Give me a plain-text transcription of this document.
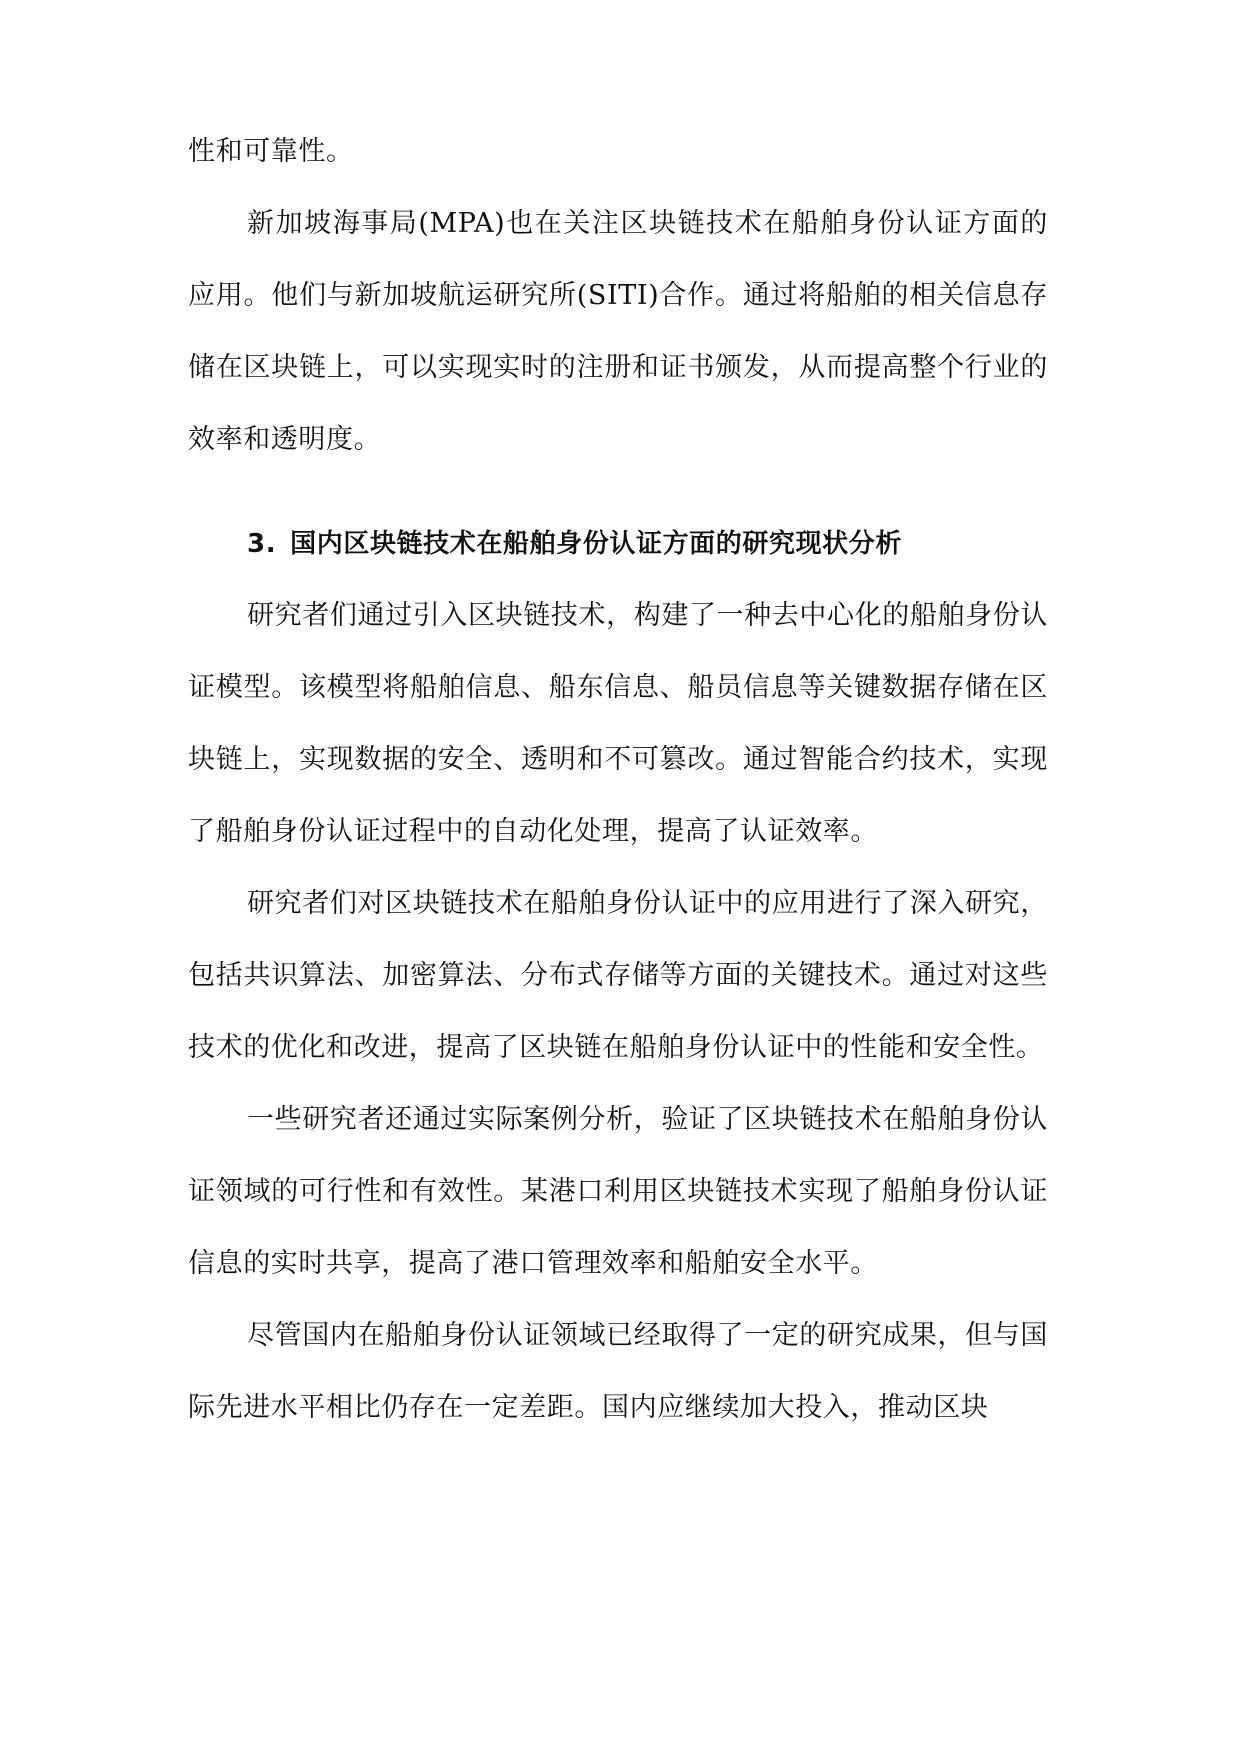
性和可靠性。

新加坡海事局(MPA)也在关注区块链技术在船舶身份认证方面的应用。他们与新加坡航运研究所(SITI)合作。通过将船舶的相关信息存储在区块链上，可以实现实时的注册和证书颁发，从而提高整个行业的效率和透明度。

3. 国内区块链技术在船舶身份认证方面的研究现状分析

研究者们通过引入区块链技术，构建了一种去中心化的船舶身份认证模型。该模型将船舶信息、船东信息、船员信息等关键数据存储在区块链上，实现数据的安全、透明和不可篡改。通过智能合约技术，实现了船舶身份认证过程中的自动化处理，提高了认证效率。

研究者们对区块链技术在船舶身份认证中的应用进行了深入研究，包括共识算法、加密算法、分布式存储等方面的关键技术。通过对这些技术的优化和改进，提高了区块链在船舶身份认证中的性能和安全性。

一些研究者还通过实际案例分析，验证了区块链技术在船舶身份认证领域的可行性和有效性。某港口利用区块链技术实现了船舶身份认证信息的实时共享，提高了港口管理效率和船舶安全水平。

尽管国内在船舶身份认证领域已经取得了一定的研究成果，但与国际先进水平相比仍存在一定差距。国内应继续加大投入，推动区块
